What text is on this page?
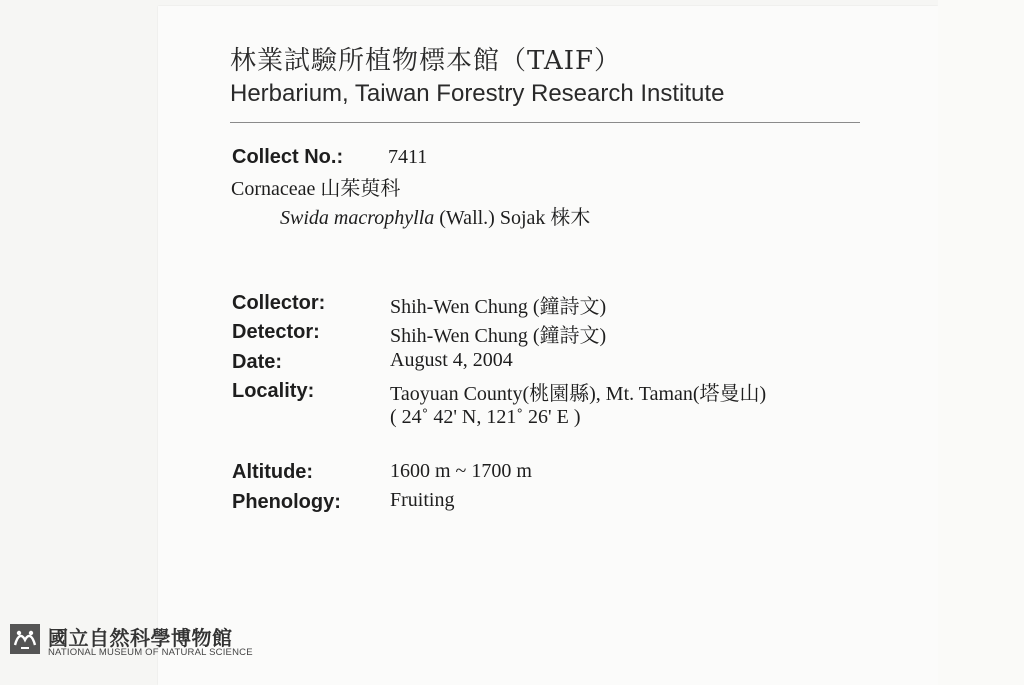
林業試驗所植物標本館（TAIF）
Herbarium, Taiwan Forestry Research Institute
Collect No.: 7411
Cornaceae 山茱萸科
Swida macrophylla (Wall.) Sojak 梾木
Collector:	Shih-Wen Chung (鐘詩文)
Detector:	Shih-Wen Chung (鐘詩文)
Date:	August 4, 2004
Locality:	Taoyuan County(桃園縣), Mt. Taman(塔曼山)
( 24˚ 42' N, 121˚ 26' E )
Altitude:	1600 m ~ 1700 m
Phenology: Fruiting
國立自然科學博物館
NATIONAL MUSEUM OF NATURAL SCIENCE
